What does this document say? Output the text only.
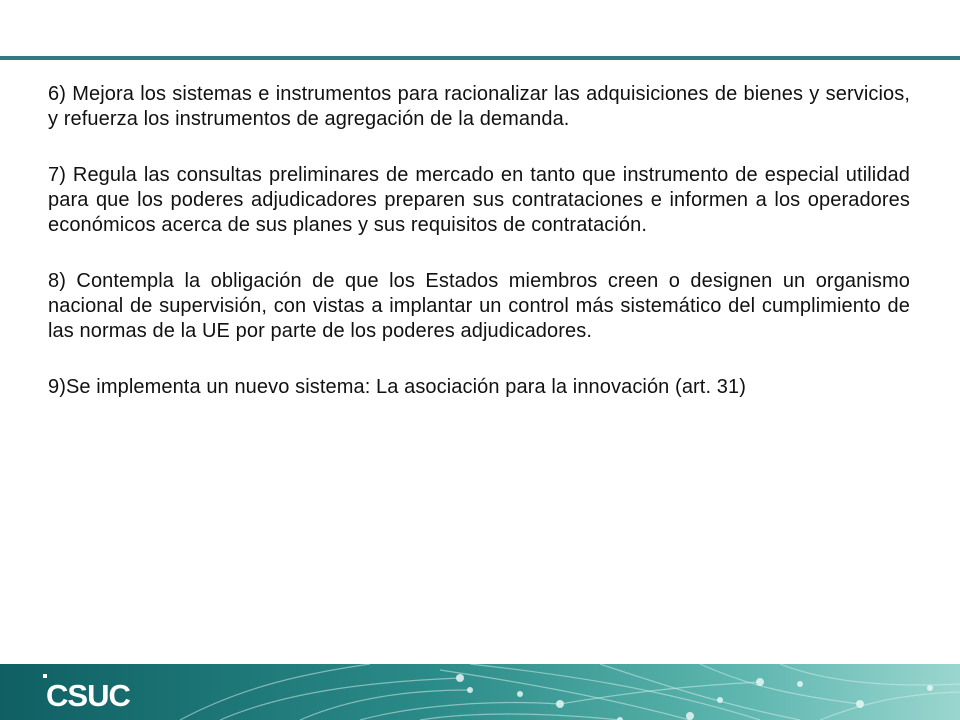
6) Mejora los sistemas e instrumentos para racionalizar las adquisiciones de bienes y servicios, y refuerza los instrumentos de agregación de la demanda.

7) Regula las consultas preliminares de mercado en tanto que instrumento de especial utilidad para que los poderes adjudicadores preparen sus contrataciones e informen a los operadores económicos acerca de sus planes y sus requisitos de contratación.

8) Contempla la obligación de que los Estados miembros creen o designen un organismo nacional de supervisión, con vistas a implantar un control más sistemático del cumplimiento de las normas de la UE por parte de los poderes adjudicadores.

9)Se implementa un nuevo sistema: La asociación para la innovación (art. 31)

CSUC
